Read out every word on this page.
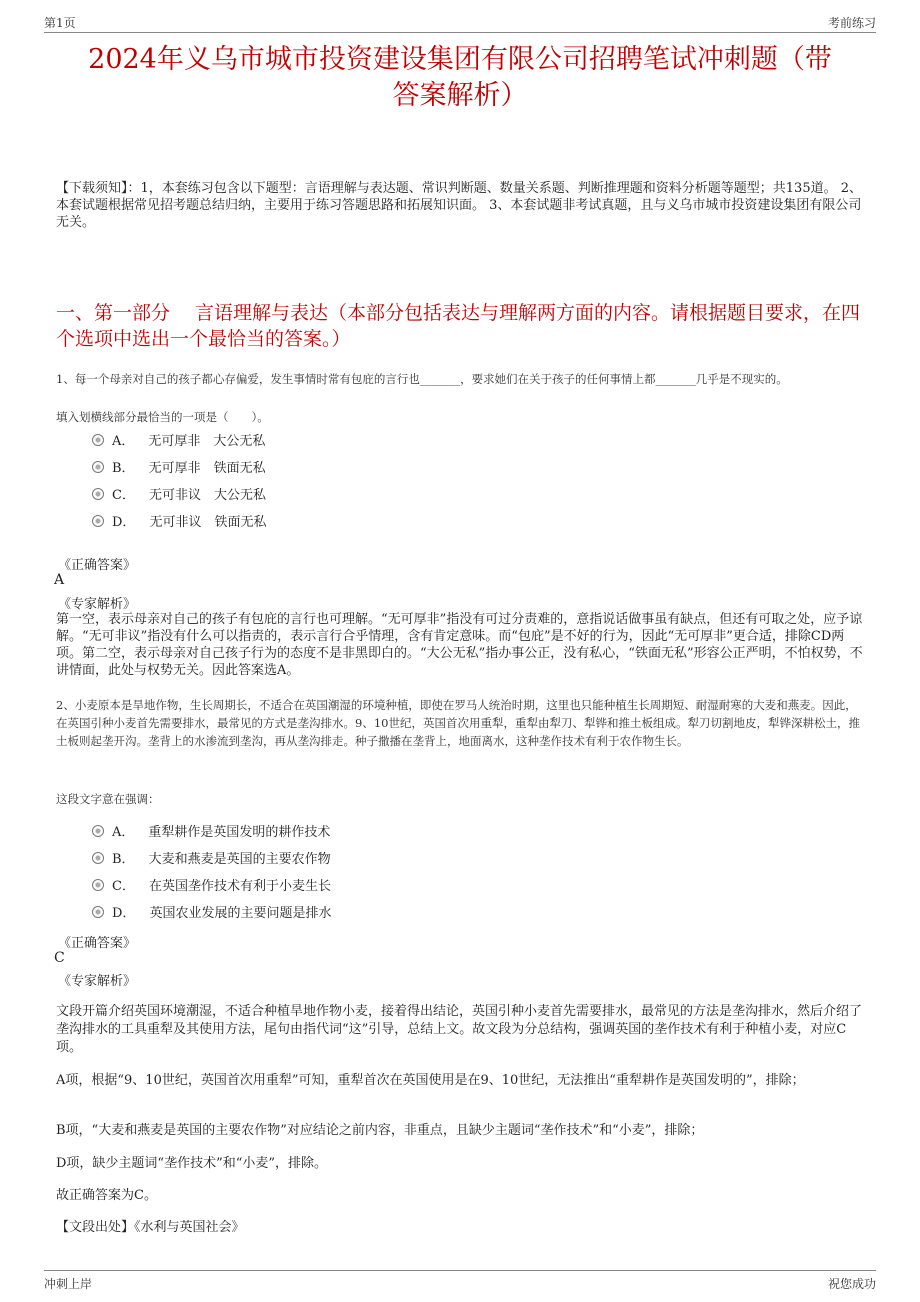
第1页	考前练习
2024年义乌市城市投资建设集团有限公司招聘笔试冲刺题（带
答案解析）
【下载须知】：1，本套练习包含以下题型：言语理解与表达题、常识判断题、数量关系题、判断推理题和资料分析题等题型；共135道。 2、本套试题根据常见招考题总结归纳，主要用于练习答题思路和拓展知识面。 3、本套试题非考试真题，且与义乌市城市投资建设集团有限公司无关。
一、第一部分　 言语理解与表达（本部分包括表达与理解两方面的内容。请根据题目要求，在四个选项中选出一个最恰当的答案。）
1、每一个母亲对自己的孩子都心存偏爱，发生事情时常有包庇的言行也_______，要求她们在关于孩子的任何事情上都_______几乎是不现实的。
填入划横线部分最恰当的一项是（　　）。
A． 无可厚非　大公无私
B． 无可厚非　铁面无私
C． 无可非议　大公无私
D． 无可非议　铁面无私
《正确答案》
A
《专家解析》
第一空，表示母亲对自己的孩子有包庇的言行也可理解。“无可厚非”指没有可过分责难的，意指说话做事虽有缺点，但还有可取之处，应予谅解。“无可非议”指没有什么可以指责的，表示言行合乎情理，含有肯定意味。而“包庇”是不好的行为，因此“无可厚非”更合适，排除CD两项。第二空，表示母亲对自己孩子行为的态度不是非黑即白的。“大公无私”指办事公正，没有私心，“铁面无私”形容公正严明，不怕权势，不讲情面，此处与权势无关。因此答案选A。
2、小麦原本是旱地作物，生长周期长，不适合在英国潮湿的环境种植，即使在罗马人统治时期，这里也只能种植生长周期短、耐湿耐寒的大麦和燕麦。因此，在英国引种小麦首先需要排水，最常见的方式是垄沟排水。9、10世纪，英国首次用重犁，重犁由犁刀、犁铧和推土板组成。犁刀切割地皮，犁铧深耕松土，推土板则起垄开沟。垄背上的水渗流到垄沟，再从垄沟排走。种子撒播在垄背上，地面离水，这种垄作技术有利于农作物生长。
这段文字意在强调：
A． 重犁耕作是英国发明的耕作技术
B． 大麦和燕麦是英国的主要农作物
C． 在英国垄作技术有利于小麦生长
D． 英国农业发展的主要问题是排水
《正确答案》
C
《专家解析》
文段开篇介绍英国环境潮湿，不适合种植旱地作物小麦，接着得出结论，英国引种小麦首先需要排水，最常见的方法是垄沟排水，然后介绍了垄沟排水的工具重犁及其使用方法，尾句由指代词“这”引导，总结上文。故文段为分总结构，强调英国的垄作技术有利于种植小麦，对应C项。
A项，根据“9、10世纪，英国首次用重犁”可知，重犁首次在英国使用是在9、10世纪，无法推出“重犁耕作是英国发明的”，排除；
B项，“大麦和燕麦是英国的主要农作物”对应结论之前内容，非重点，且缺少主题词“垄作技术”和“小麦”，排除；
D项，缺少主题词“垄作技术”和“小麦”，排除。
故正确答案为C。
【文段出处】《水利与英国社会》
冲刺上岸	祝您成功
